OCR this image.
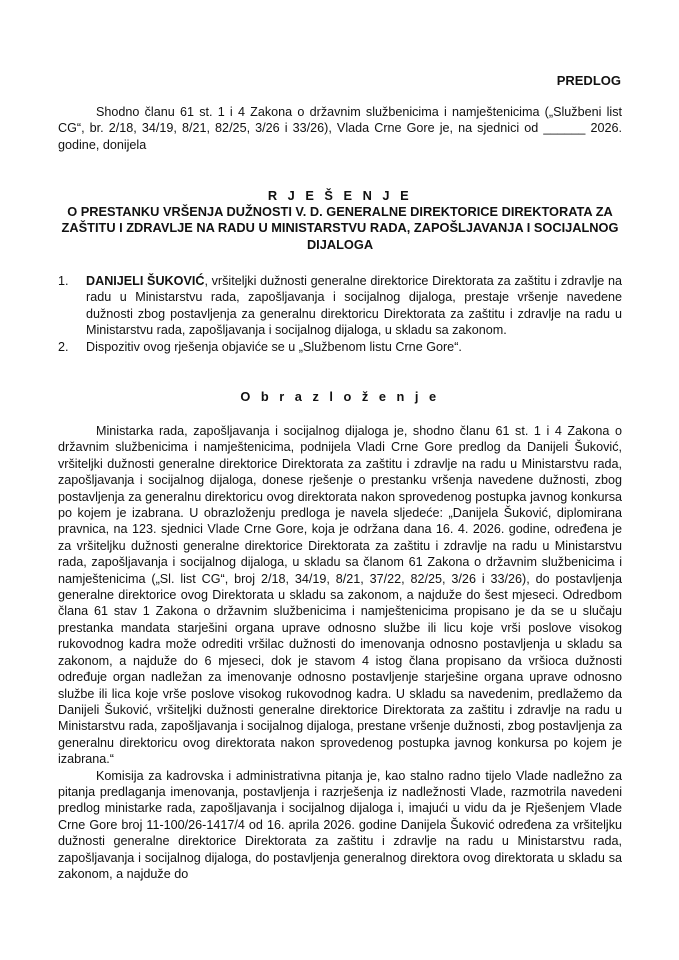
PREDLOG
Shodno članu 61 st. 1 i 4 Zakona o državnim službenicima i namještenicima („Službeni list CG“, br. 2/18, 34/19, 8/21, 82/25, 3/26 i 33/26), Vlada Crne Gore je, na sjednici od ______ 2026. godine, donijela
R J E Š E N J E
O PRESTANKU VRŠENJA DUŽNOSTI V. D. GENERALNE DIREKTORICE DIREKTORATA ZA ZAŠTITU I ZDRAVLJE NA RADU U MINISTARSTVU RADA, ZAPOŠLJAVANJA I SOCIJALNOG DIJALOGA
1. DANIJELI ŠUKOVIĆ, vršiteljki dužnosti generalne direktorice Direktorata za zaštitu i zdravlje na radu u Ministarstvu rada, zapošljavanja i socijalnog dijaloga, prestaje vršenje navedene dužnosti zbog postavljenja za generalnu direktoricu Direktorata za zaštitu i zdravlje na radu u Ministarstvu rada, zapošljavanja i socijalnog dijaloga, u skladu sa zakonom.
2. Dispozitiv ovog rješenja objaviće se u „Službenom listu Crne Gore“.
O b r a z l o ž e n j e

Ministarka rada, zapošljavanja i socijalnog dijaloga je, shodno članu 61 st. 1 i 4 Zakona o državnim službenicima i namještenicima, podnijela Vladi Crne Gore predlog da Danijeli Šuković, vršiteljki dužnosti generalne direktorice Direktorata za zaštitu i zdravlje na radu u Ministarstvu rada, zapošljavanja i socijalnog dijaloga, donese rješenje o prestanku vršenja navedene dužnosti, zbog postavljenja za generalnu direktoricu ovog direktorata nakon sprovedenog postupka javnog konkursa po kojem je izabrana. U obrazloženju predloga je navela sljedeće: „Danijela Šuković, diplomirana pravnica, na 123. sjednici Vlade Crne Gore, koja je održana dana 16. 4. 2026. godine, određena je za vršiteljku dužnosti generalne direktorice Direktorata za zaštitu i zdravlje na radu u Ministarstvu rada, zapošljavanja i socijalnog dijaloga, u skladu sa članom 61 Zakona o državnim službenicima i namještenicima („Sl. list CG“, broj 2/18, 34/19, 8/21, 37/22, 82/25, 3/26 i 33/26), do postavljenja generalne direktorice ovog Direktorata u skladu sa zakonom, a najduže do šest mjeseci. Odredbom člana 61 stav 1 Zakona o državnim službenicima i namještenicima propisano je da se u slučaju prestanka mandata starješini organa uprave odnosno službe ili licu koje vrši poslove visokog rukovodnog kadra može odrediti vršilac dužnosti do imenovanja odnosno postavljenja u skladu sa zakonom, a najduže do 6 mjeseci, dok je stavom 4 istog člana propisano da vršioca dužnosti određuje organ nadležan za imenovanje odnosno postavljenje starješine organa uprave odnosno službe ili lica koje vrše poslove visokog rukovodnog kadra. U skladu sa navedenim, predlažemo da Danijeli Šuković, vršiteljki dužnosti generalne direktorice Direktorata za zaštitu i zdravlje na radu u Ministarstvu rada, zapošljavanja i socijalnog dijaloga, prestane vršenje dužnosti, zbog postavljenja za generalnu direktoricu ovog direktorata nakon sprovedenog postupka javnog konkursa po kojem je izabrana.“

Komisija za kadrovska i administrativna pitanja je, kao stalno radno tijelo Vlade nadležno za pitanja predlaganja imenovanja, postavljenja i razrješenja iz nadležnosti Vlade, razmotrila navedeni predlog ministarke rada, zapošljavanja i socijalnog dijaloga i, imajući u vidu da je Rješenjem Vlade Crne Gore broj 11-100/26-1417/4 od 16. aprila 2026. godine Danijela Šuković određena za vršiteljku dužnosti generalne direktorice Direktorata za zaštitu i zdravlje na radu u Ministarstvu rada, zapošljavanja i socijalnog dijaloga, do postavljenja generalnog direktora ovog direktorata u skladu sa zakonom, a najduže do
